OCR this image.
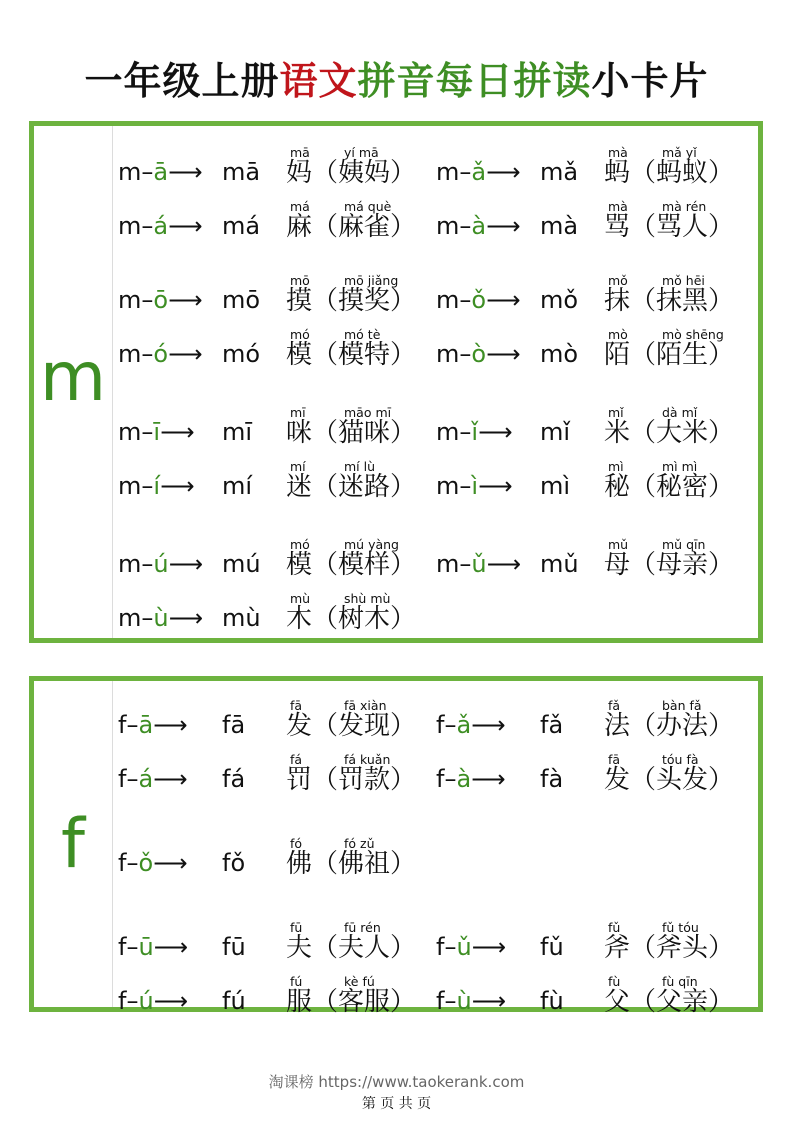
一年级上册语文拼音每日拼读小卡片
m
m–ā⟶ mā
mā
妈
yí mā
（姨妈） m–ǎ⟶ mǎ
mà
蚂
mǎ yǐ
（蚂蚁）
m–á⟶ má
má
麻
má què
（麻雀） m–à⟶ mà
mà
骂
mà rén
（骂人）
m–ō⟶ mō
mō
摸
mō jiǎng
（摸奖） m–ǒ⟶ mǒ
mǒ
抹
mǒ hēi
（抹黑）
m–ó⟶ mó
mó
模
mó tè
（模特） m–ò⟶ mò
mò
陌
mò shēng
（陌生）
m–ī⟶ mī
mī
咪
māo mī
（猫咪） m–ǐ⟶ mǐ
mǐ
米
dà mǐ
（大米）
m–í⟶ mí
mí
迷
mí lù
（迷路） m–ì⟶ mì
mì
秘
mì mì
（秘密）
m–ú⟶ mú
mó
模
mú yàng
（模样） m–ǔ⟶ mǔ
mǔ
母
mǔ qīn
（母亲）
m–ù⟶ mù
mù
木
shù mù
（树木）
f
f–ā⟶ fā
fā
发
fā xiàn
（发现） f–ǎ⟶ fǎ
fǎ
法
bàn fǎ
（办法）
f–á⟶ fá
fá
罚
fá kuǎn
（罚款） f–à⟶ fà
fā
发
tóu fà
（头发）
f–ǒ⟶ fǒ
fó
佛
fó zǔ
（佛祖）
f–ū⟶ fū
fū
夫
fū rén
（夫人） f–ǔ⟶ fǔ
fǔ
斧
fǔ tóu
（斧头）
f–ú⟶ fú
fú
服
kè fú
（客服） f–ù⟶ fù
fù
父
fù qīn
（父亲）
淘课榜 https://www.taokerank.com
第 页 共 页
